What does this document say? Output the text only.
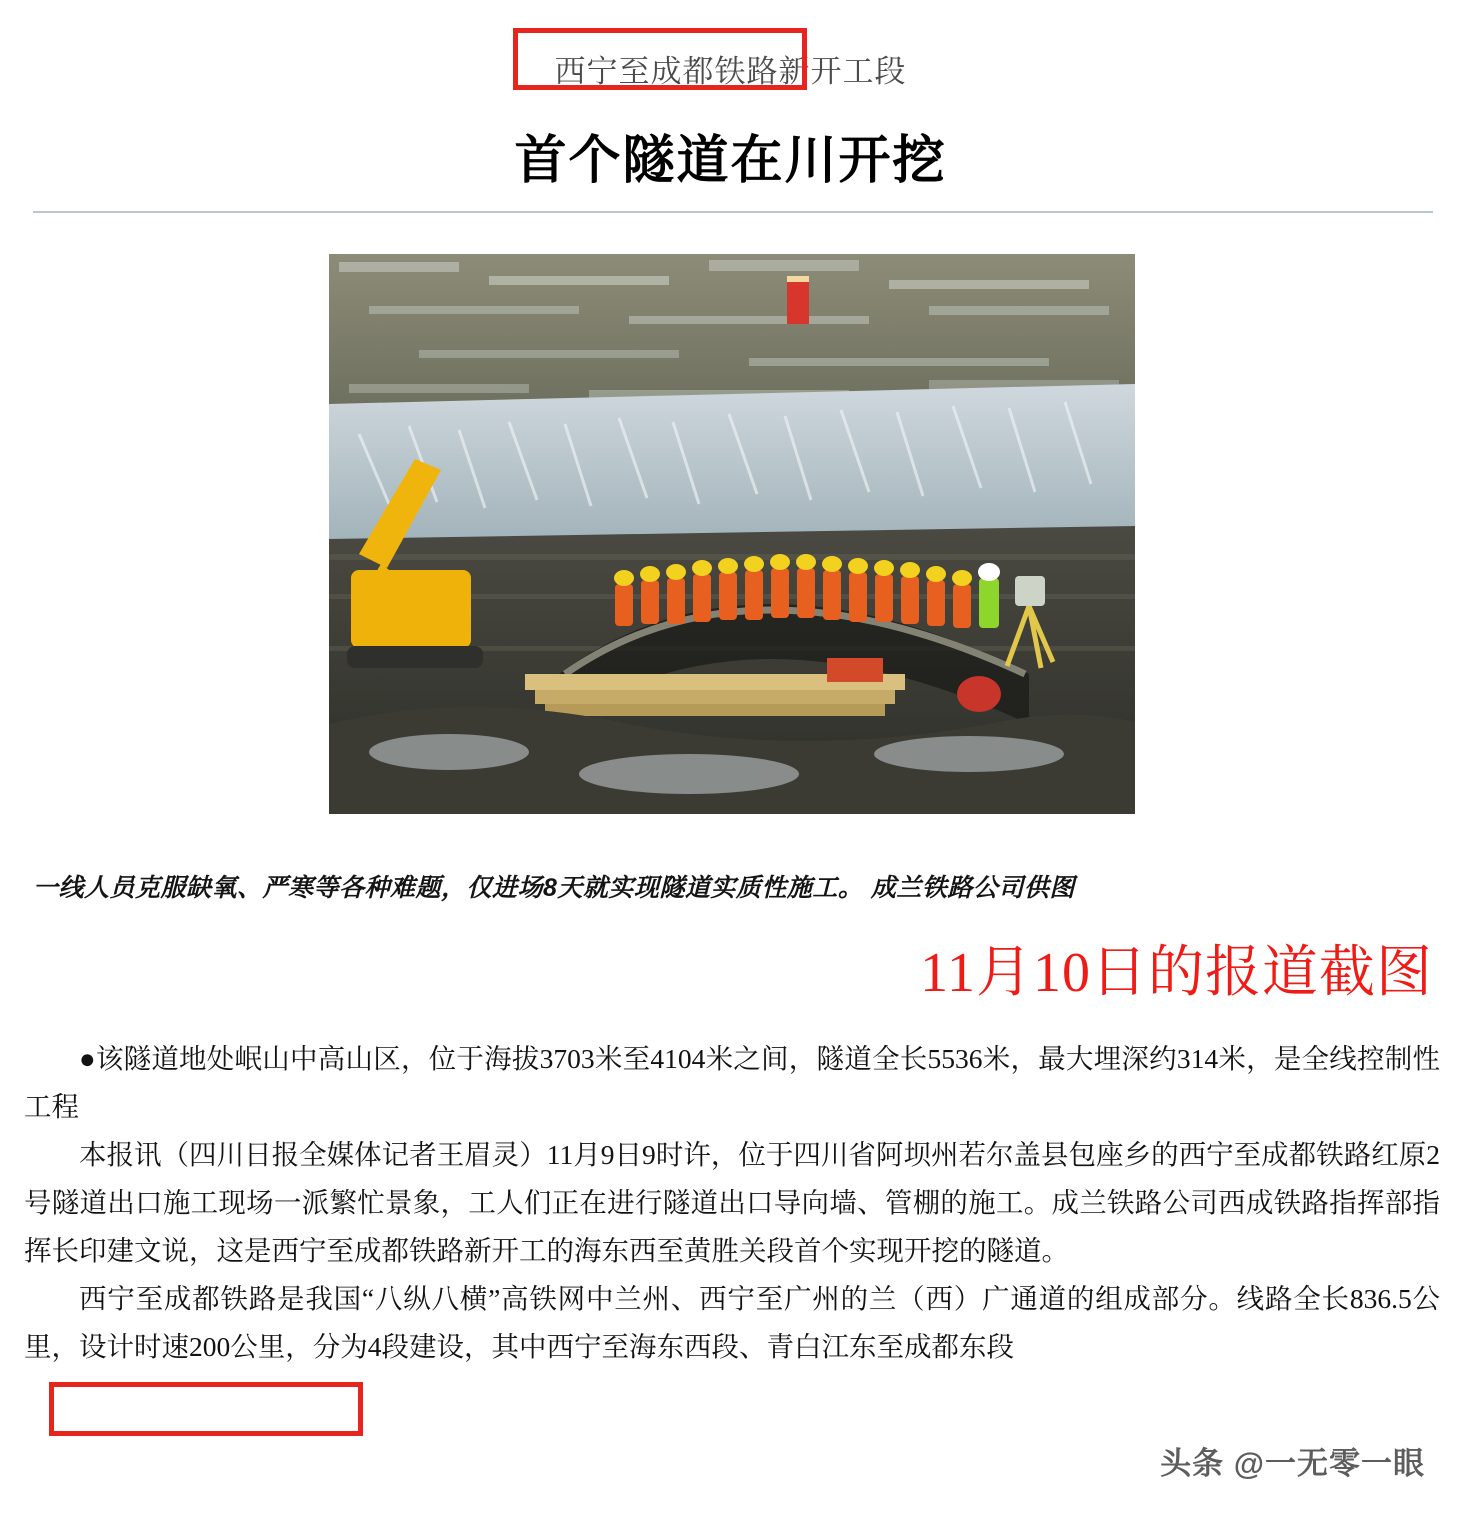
西宁至成都铁路新开工段
首个隧道在川开挖
一线人员克服缺氧、严寒等各种难题，仅进场8天就实现隧道实质性施工。 成兰铁路公司供图
11月10日的报道截图

●该隧道地处岷山中高山区，位于海拔3703米至4104米之间，隧道全长5536米，最大埋深约314米，是全线控制性工程

本报讯（四川日报全媒体记者王眉灵）11月9日9时许，位于四川省阿坝州若尔盖县包座乡的西宁至成都铁路红原2号隧道出口施工现场一派繁忙景象，工人们正在进行隧道出口导向墙、管棚的施工。成兰铁路公司西成铁路指挥部指挥长印建文说，这是西宁至成都铁路新开工的海东西至黄胜关段首个实现开挖的隧道。

西宁至成都铁路是我国“八纵八横”高铁网中兰州、西宁至广州的兰（西）广通道的组成部分。线路全长836.5公里，设计时速200公里，分为4段建设，其中西宁至海东西段、青白江东至成都东段

头条 @一无零一眼
